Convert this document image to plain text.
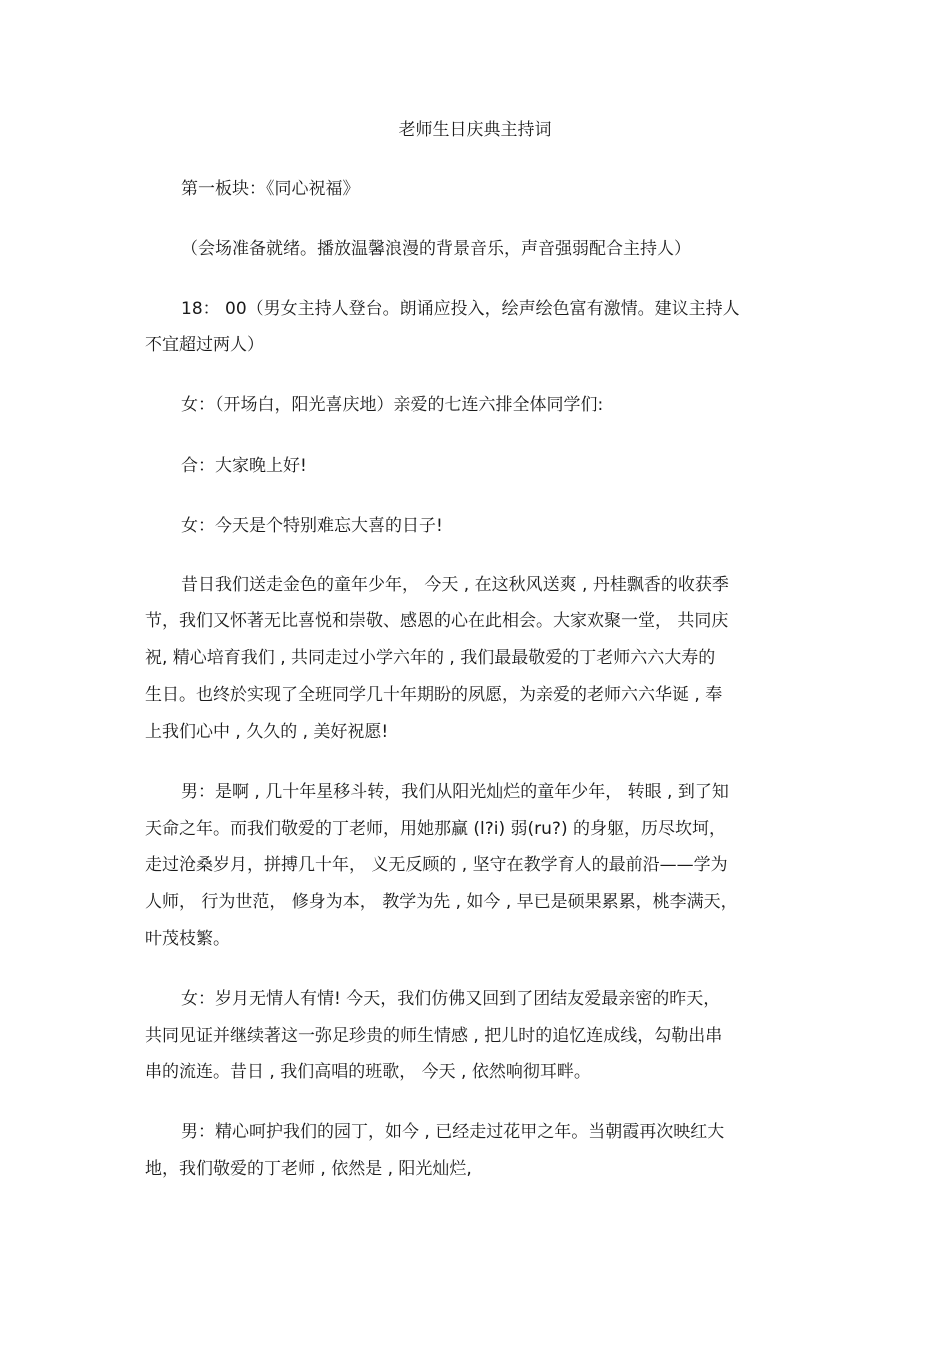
老师生日庆典主持词
第一板块：《同心祝福》
（会场准备就绪。播放温馨浪漫的背景音乐，声音强弱配合主持人）
18： 00（男女主持人登台。朗诵应投入，绘声绘色富有激情。建议主持人
不宜超过两人）
女：（开场白，阳光喜庆地）亲爱的七连六排全体同学们:
合：大家晚上好!
女：今天是个特别难忘大喜的日子!
昔日我们送走金色的童年少年， 今天 , 在这秋风送爽 , 丹桂飘香的收获季
节，我们又怀著无比喜悦和崇敬、感恩的心在此相会。大家欢聚一堂， 共同庆
祝, 精心培育我们 , 共同走过小学六年的 , 我们最最敬爱的丁老师六六大寿的
生日。也终於实现了全班同学几十年期盼的夙愿，为亲爱的老师六六华诞 , 奉
上我们心中 , 久久的 , 美好祝愿!
男：是啊 , 几十年星移斗转，我们从阳光灿烂的童年少年， 转眼 , 到了知
天命之年。而我们敬爱的丁老师，用她那赢 (l?i) 弱(ru?) 的身躯，历尽坎坷，
走过沧桑岁月，拼搏几十年， 义无反顾的 , 坚守在教学育人的最前沿——学为
人师， 行为世范， 修身为本， 教学为先 , 如今 , 早已是硕果累累，桃李满天，
叶茂枝繁。
女：岁月无情人有情! 今天，我们仿佛又回到了团结友爱最亲密的昨天，
共同见证并继续著这一弥足珍贵的师生情感 , 把儿时的追忆连成线，勾勒出串
串的流连。昔日 , 我们高唱的班歌， 今天 , 依然响彻耳畔。
男：精心呵护我们的园丁，如今 , 已经走过花甲之年。当朝霞再次映红大
地，我们敬爱的丁老师 , 依然是 , 阳光灿烂,
